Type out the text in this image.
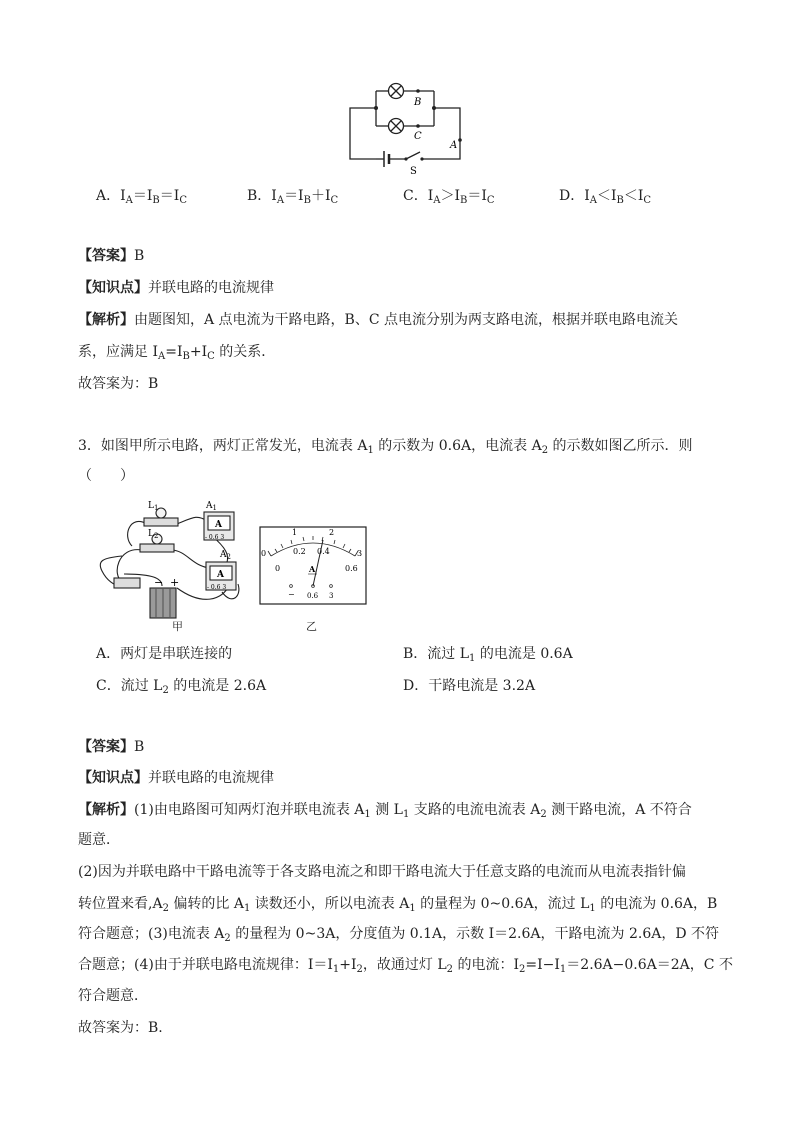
B
C
A
S
A．$I_A=I_B=I_C$	B．$I_A=I_B+I_C$	C．$I_A>I_B=I_C$	D．$I_A<I_B<I_C$
【答案】B
【知识点】并联电路的电流规律
【解析】由题图知，A 点电流为干路电路，B、C 点电流分别为两支路电流，根据并联电路电流关
系，应满足 $I_A=I_B+I_C$ 的关系．
故答案为：B
3．如图甲所示电路，两灯正常发光，电流表 $A_1$ 的示数为 0.6A，电流表 $A_2$ 的示数如图乙所示．则
（　　）
$L_1$	$A_1$
$L_2$
$A_2$
A
A
- 0.6 3
- 0.6 3
− +
甲
0
1	2
3
0
0.2 0.4
0.6
A
− 0.6 3
乙
A．两灯是串联连接的	B．流过 $L_1$ 的电流是 0.6A
C．流过 $L_2$ 的电流是 2.6A	D．干路电流是 3.2A
【答案】B
【知识点】并联电路的电流规律
【解析】(1)由电路图可知两灯泡并联电流表 $A_1$ 测 $L_1$ 支路的电流电流表 $A_2$ 测干路电流，A 不符合
题意．
(2)因为并联电路中干路电流等于各支路电流之和即干路电流大于任意支路的电流而从电流表指针偏
转位置来看$,A_2$ 偏转的比 $A_1$ 读数还小，所以电流表 $A_1$ 的量程为 0~0.6A，流过 $L_1$ 的电流为 0.6A，B
符合题意；(3)电流表 $A_2$ 的量程为 0~3A，分度值为 0.1A，示数 I＝2.6A，干路电流为 2.6A，D 不符
合题意；(4)由于并联电路电流规律：$I=I_1+I_2$，故通过灯 $L_2$ 的电流：$I_2=I-I_1=2.6A-0.6A=2A$，C 不
符合题意．
故答案为：B.
